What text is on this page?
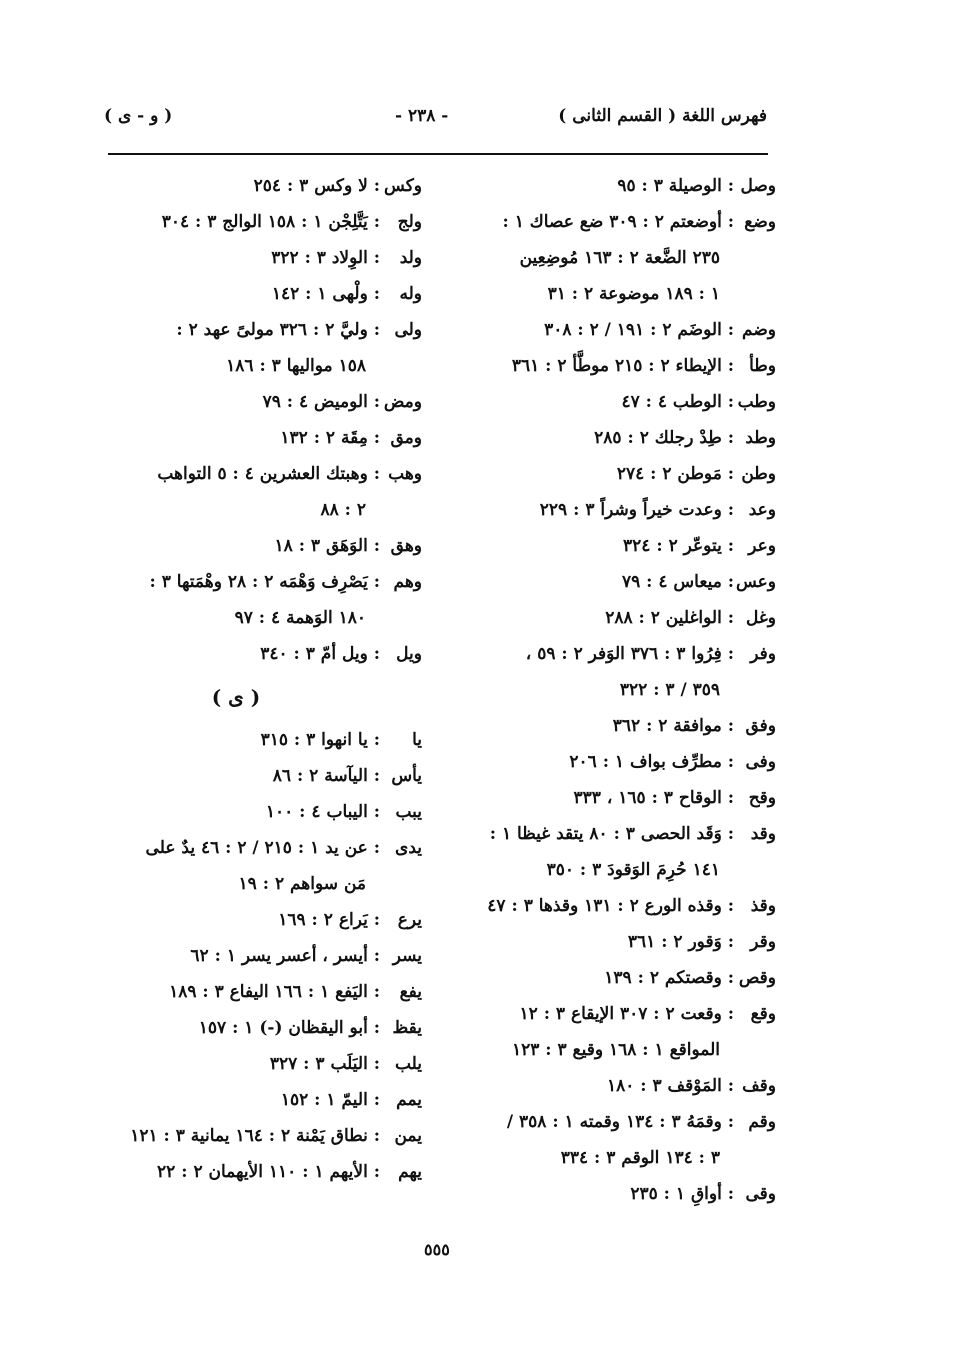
فهرس اللغة ( القسم الثانى )
- ٢٣٨ -
( و - ى )
وصل
: الوصيلة ٣ : ٩٥
وضع
: أوضعتم ٢ : ٣٠٩ ضع عصاك ١ :
٢٣٥ الضَّعة ٢ : ١٦٣ مُوضِعِين
١ : ١٨٩ موضوعة ٢ : ٣١
وضم
: الوضَم ٢ : ١٩١ / ٢ : ٣٠٨
وطأ
: الإيطاء ٢ : ٢١٥ موطَّأ ٢ : ٣٦١
وطب
: الوطب ٤ : ٤٧
وطد
: طِدْ رجلك ٢ : ٢٨٥
وطن
: مَوطن ٢ : ٢٧٤
وعد
: وعدت خيراً وشراً ٣ : ٢٢٩
وعر
: يتوعّر ٢ : ٣٢٤
وعس
: ميعاس ٤ : ٧٩
وغل
: الواغلين ٢ : ٢٨٨
وفر
: فِرُوا ٣ : ٣٧٦ الوَفر ٢ : ٥٩ ،
٣٥٩ / ٣ : ٣٢٢
وفق
: موافقة ٢ : ٣٦٢
وفى
: مطرِّف بواف ١ : ٢٠٦
وقح
: الوقاح ٣ : ١٦٥ ، ٣٣٣
وقد
: وَقَد الحصى ٣ : ٨٠ يتقد غيظا ١ :
١٤١ حُرِمَ الوَقودَ ٣ : ٣٥٠
وقذ
: وقذه الورع ٢ : ١٣١ وقذها ٣ : ٤٧
وقر
: وَقور ٢ : ٣٦١
وقص
: وقصتكم ٢ : ١٣٩
وقع
: وقعت ٢ : ٣٠٧ الإيقاع ٣ : ١٢
المواقع ١ : ١٦٨ وقيع ٣ : ١٢٣
وقف
: المَوْقف ٣ : ١٨٠
وقم
: وقمَهُ ٣ : ١٣٤ وقمته ١ : ٣٥٨ /
٣ : ١٣٤ الوقم ٣ : ٣٣٤
وقى
: أواقِ ١ : ٢٣٥
وكس
: لا وكس ٣ : ٢٥٤
ولج
: يَتَّلِجْن ١ : ١٥٨ الوالج ٣ : ٣٠٤
ولد
: الوِلاد ٣ : ٣٢٢
وله
: ولْهى ١ : ١٤٢
ولى
: وليَّ ٢ : ٣٢٦ مولىً عهد ٢ :
١٥٨ مواليها ٣ : ١٨٦
ومض
: الوميض ٤ : ٧٩
ومق
: مِقَة ٢ : ١٣٢
وهب
: وهبتك العشرين ٤ : ٥ التواهب
٢ : ٨٨
وهق
: الوَهَق ٣ : ١٨
وهم
: يَصْرِف وَهْمَه ٢ : ٢٨ وهْمَتها ٣ :
١٨٠ الوَهمة ٤ : ٩٧
ويل
: ويل أمّ ٣ : ٣٤٠
( ى )
يا
: يا انهوا ٣ : ٣١٥
يأس
: اليآسة ٢ : ٨٦
يبب
: اليباب ٤ : ١٠٠
يدى
: عن يد ١ : ٢١٥ / ٢ : ٤٦ يدٌ على
مَن سواهم ٢ : ١٩
يرع
: يَراع ٢ : ١٦٩
يسر
: أيسر ، أعسر يسر ١ : ٦٢
يفع
: اليَفع ١ : ١٦٦ اليفاع ٣ : ١٨٩
يقظ
: أبو اليقظان (-) ١ : ١٥٧
يلب
: اليَلَب ٣ : ٣٢٧
يمم
: اليمّ ١ : ١٥٢
يمن
: نطاق يَمْنة ٢ : ١٦٤ يمانية ٣ : ١٢١
يهم
: الأيهم ١ : ١١٠ الأيهمان ٢ : ٢٢
٥٥٥
